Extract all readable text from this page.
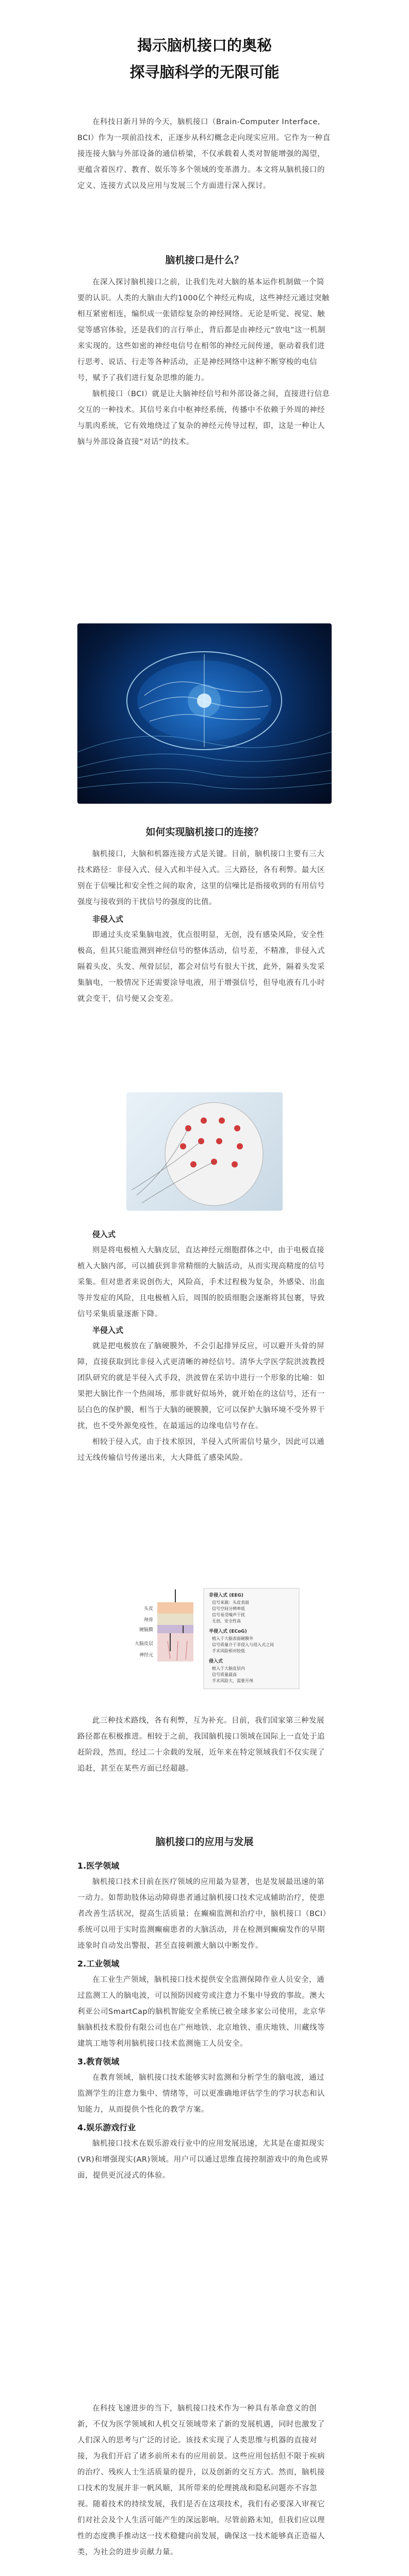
揭示脑机接口的奥秘
探寻脑科学的无限可能

在科技日新月异的今天，脑机接口（Brain-Computer Interface, BCI）作为一项前沿技术，正逐步从科幻概念走向现实应用。它作为一种直接连接大脑与外部设备的通信桥梁，不仅承载着人类对智能增强的渴望，更蕴含着医疗、教育、娱乐等多个领域的变革潜力。本文将从脑机接口的定义、连接方式以及应用与发展三个方面进行深入探讨。

脑机接口是什么？

在深入探讨脑机接口之前，让我们先对大脑的基本运作机制做一个简要的认识。人类的大脑由大约1000亿个神经元构成，这些神经元通过突触相互紧密相连，编织成一张错综复杂的神经网络。无论是听觉、视觉、触觉等感官体验，还是我们的言行举止，背后都是由神经元“放电”这一机制来实现的。这些如密的神经电信号在相邻的神经元间传递，驱动着我们进行思考、说话、行走等各种活动，正是神经网络中这种不断穿梭的电信号，赋予了我们进行复杂思维的能力。

脑机接口（BCI）就是让大脑神经信号和外部设备之间，直接进行信息交互的一种技术。其信号来自中枢神经系统，传播中不依赖于外周的神经与肌肉系统，它有效地绕过了复杂的神经元传导过程，即，这是一种让人脑与外部设备直接“对话”的技术。

如何实现脑机接口的连接？

脑机接口，大脑和机器连接方式是关键。目前，脑机接口主要有三大技术路径：非侵入式、侵入式和半侵入式。三大路径，各有利弊。最大区别在于信噪比和安全性之间的取舍，这里的信噪比是指接收到的有用信号强度与接收到的干扰信号的强度的比值。

非侵入式

即通过头皮采集脑电波，优点很明显，无创，没有感染风险，安全性极高，但其只能监测到神经信号的整体活动，信号差，不精准，非侵入式隔着头皮、头发、颅骨层层，都会对信号有很大干扰，此外，隔着头发采集脑电，一般情况下还需要涂导电液，用于增强信号，但导电液有几小时就会变干，信号便又会变差。

侵入式

则是将电极植入大脑皮层，直达神经元细胞群体之中，由于电极直接植入大脑内部，可以捕获到非常精细的大脑活动，从而实现高精度的信号采集。但对患者来说创伤大，风险高，手术过程极为复杂，外感染、出血等并发症的风险，且电极植入后，周围的胶质细胞会逐渐将其包裹，导致信号采集质量逐渐下降。

半侵入式

就是把电极放在了脑硬膜外，不会引起排异反应，可以避开头骨的屏障，直接获取到比非侵入式更清晰的神经信号。清华大学医学院洪波教授团队研究的就是半侵入式手段，洪波曾在采访中进行一个形象的比喻：如果把大脑比作一个热闹场，那非就好似场外，就开始在的这信号，还有一层白色的保护膜，相当于大脑的硬膜膜，它可以保护大脑环境不受外界干扰，也不受外源免疫性，在最遥远的边缘电信号存在。

相较于侵入式，由于技术原因，半侵入式所需信号量少，因此可以通过无线传输信号传递出来，大大降低了感染风险。

头皮
颅骨
硬脑膜
大脑皮层
神经元
非侵入式 (EEG)
信号来源：头皮表面
信号空间分辨率低
信号易受噪声干扰
无创，安全性高
半侵入式 (ECoG)
植入于大脑表面硬膜外
信号质量介于非侵入与侵入式之间
手术风险相对较低
侵入式
植入于大脑皮层内
信号质量最高
手术风险大，需要开颅

此三种技术路线，各有利弊，互为补充。目前，我们国家第三种发展路径都在积极推进。相较于之前，我国脑机接口领域在国际上一直处于追赶阶段，然而，经过二十余载的发展，近年来在特定领域我们不仅实现了追赶，甚至在某些方面已经超越。

脑机接口的应用与发展
1.医学领域

脑机接口技术目前在医疗领域的应用最为显著，也是发展最迅速的第一动力。如帮助肢体运动障碍患者通过脑机接口技术完成辅助治疗，使患者改善生活状况，提高生活质量；在癫痫监测和治疗中，脑机接口（BCI）系统可以用于实时监测癫痫患者的大脑活动，并在检测到癫痫发作的早期迹象时自动发出警报，甚至直接刺激大脑以中断发作。

2.工业领域

在工业生产领域，脑机接口技术提供安全监测保障作业人员安全，通过监测工人的脑电波，可以预防因疲劳或注意力不集中导致的事故。澳大利亚公司SmartCap的脑机智能安全系统已被全球多家公司使用，北京华脑脑机技术股份有限公司也在广州地铁、北京地铁、重庆地铁、川藏线等建筑工地等利用脑机接口技术监测施工人员安全。

3.教育领域

在教育领域，脑机接口技术能够实时监测和分析学生的脑电波，通过监测学生的注意力集中、情绪等，可以更准确地评估学生的学习状态和认知能力，从而提供个性化的教学方案。

4.娱乐游戏行业

脑机接口技术在娱乐游戏行业中的应用发展迅速，尤其是在虚拟现实(VR)和增强现实(AR)领域。用户可以通过思维直接控制游戏中的角色或界面，提供更沉浸式的体验。

在科技飞速进步的当下，脑机接口技术作为一种具有革命意义的创新，不仅为医学领域和人机交互领域带来了新的发展机遇，同时也激发了人们深入的思考与广泛的讨论。该技术实现了人类思维与机器的直接对接，为我们开启了诸多前所未有的应用前景。这些应用包括但不限于疾病的治疗、残疾人士生活质量的提升，以及创新的交互方式。然而，脑机接口技术的发展并非一帆风顺，其所带来的伦理挑战和隐私问题亦不容忽视。随着技术的持续发展，我们是否在这项技术，我们有必要深入审视它们对社会及个人生活可能产生的深远影响。尽管前路未知，但我们应以理性的态度携手推动这一技术稳健向前发展，确保这一技术能够真正造福人类，为社会的进步贡献力量。
